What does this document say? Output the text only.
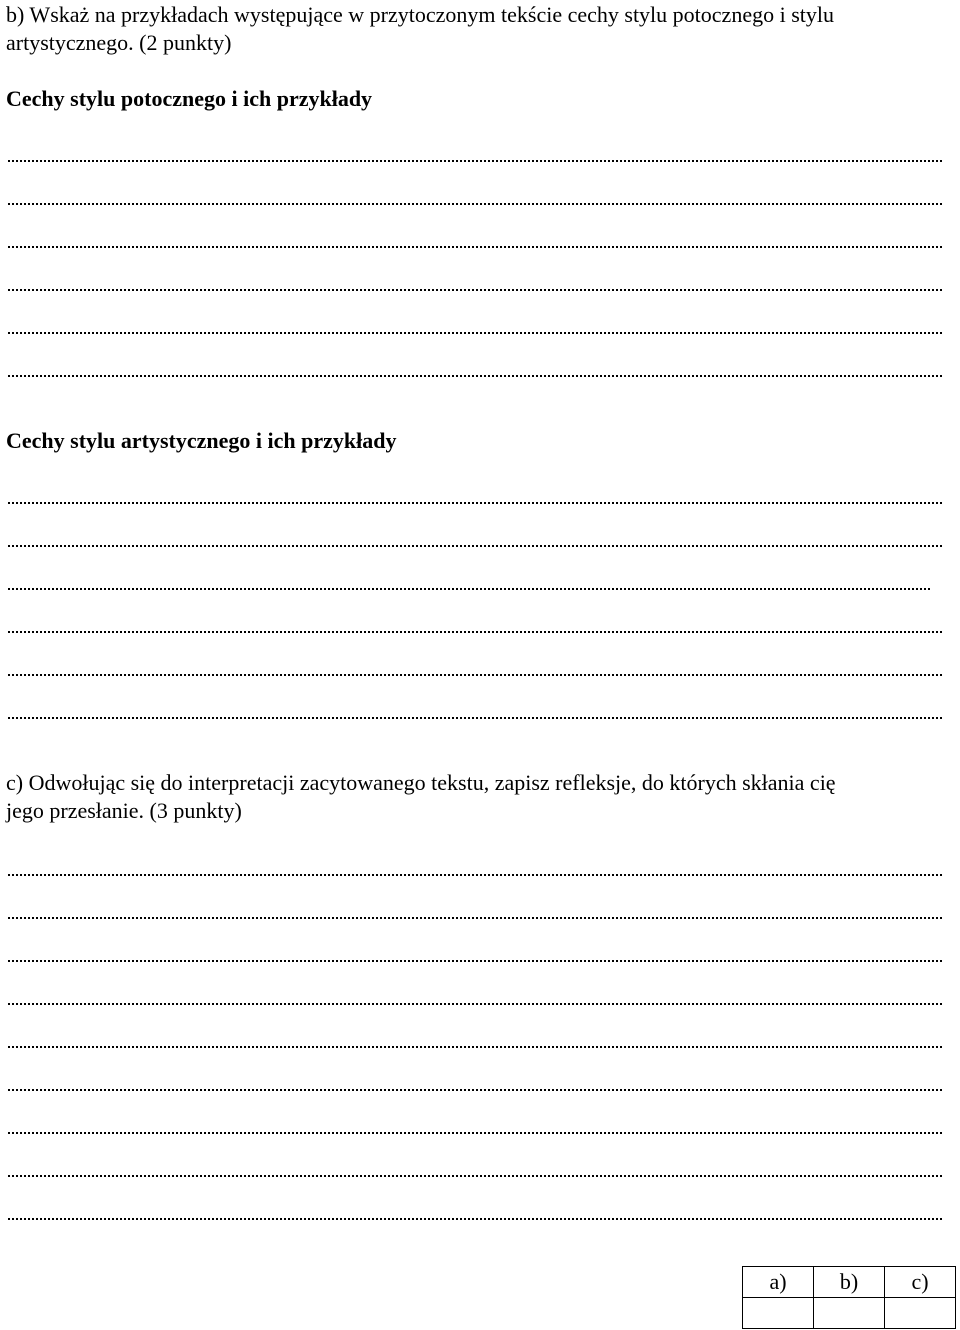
b) Wskaż na przykładach występujące w przytoczonym tekście cechy stylu potocznego i stylu

artystycznego. (2 punkty)

Cechy stylu potocznego i ich przykłady

Cechy stylu artystycznego i ich przykłady

c) Odwołując się do interpretacji zacytowanego tekstu, zapisz refleksje, do których skłania cię

jego przesłanie. (3 punkty)

a)	b)	c)
